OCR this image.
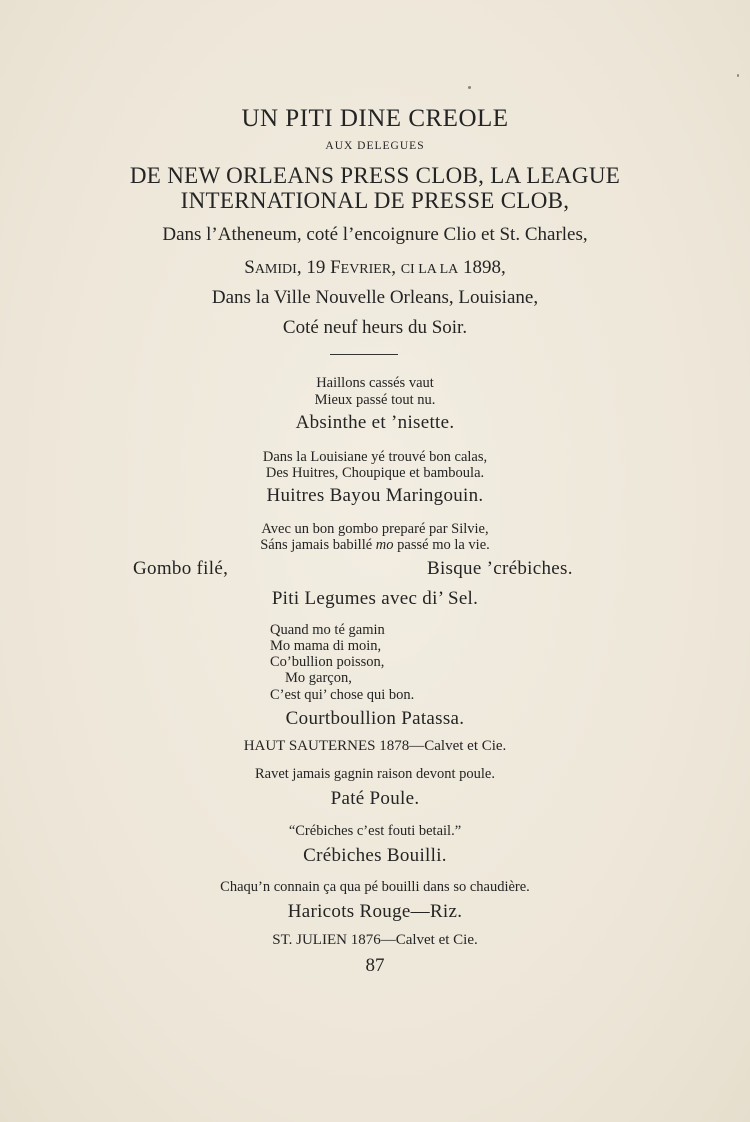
UN PITI DINE CREOLE
AUX DELEGUES
DE NEW ORLEANS PRESS CLOB, LA LEAGUE
INTERNATIONAL DE PRESSE CLOB,
Dans l’Atheneum, coté l’encoignure Clio et St. Charles,
SAMIDI, 19 FEVRIER, CI LA LA 1898,
Dans la Ville Nouvelle Orleans, Louisiane,
Coté neuf heurs du Soir.
Haillons cassés vaut
Mieux passé tout nu.
Absinthe et ’nisette.
Dans la Louisiane yé trouvé bon calas,
Des Huitres, Choupique et bamboula.
Huitres Bayou Maringouin.
Avec un bon gombo preparé par Silvie,
Sáns jamais babillé mo passé mo la vie.
Gombo filé,	Bisque ’crébiches.
Piti Legumes avec di’ Sel.
Quand mo té gamin
Mo mama di moin,
Co’bullion poisson,
Mo garçon,
C’est qui’ chose qui bon.
Courtboullion Patassa.
HAUT SAUTERNES 1878—Calvet et Cie.
Ravet jamais gagnin raison devont poule.
Paté Poule.
“Crébiches c’est fouti betail.”
Crébiches Bouilli.
Chaqu’n connain ça qua pé bouilli dans so chaudière.
Haricots Rouge—Riz.
ST. JULIEN 1876—Calvet et Cie.
87
